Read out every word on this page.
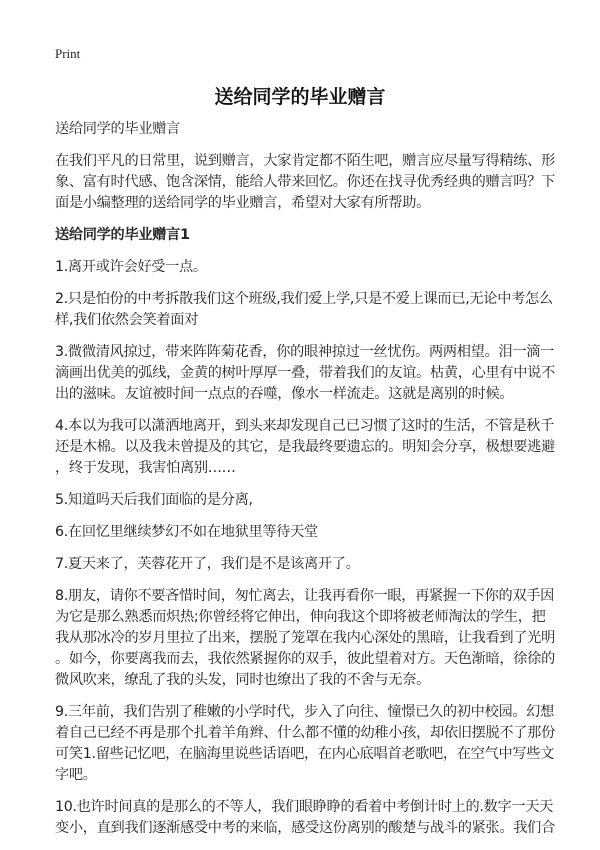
Print
送给同学的毕业赠言
送给同学的毕业赠言
在我们平凡的日常里，说到赠言，大家肯定都不陌生吧，赠言应尽量写得精练、形
象、富有时代感、饱含深情，能给人带来回忆。你还在找寻优秀经典的赠言吗？下
面是小编整理的送给同学的毕业赠言，希望对大家有所帮助。
送给同学的毕业赠言1
1.离开或许会好受一点。
2.只是怕份的中考拆散我们这个班级,我们爱上学,只是不爱上课而已,无论中考怎么
样,我们依然会笑着面对
3.微微清风掠过，带来阵阵菊花香，你的眼神掠过一丝忧伤。两两相望。泪一滴一
滴画出优美的弧线，金黄的树叶厚厚一叠，带着我们的友谊。枯黄，心里有中说不
出的滋味。友谊被时间一点点的吞噬，像水一样流走。这就是离别的时候。
4.本以为我可以潇洒地离开，到头来却发现自己已习惯了这时的生活，不管是秋千
还是木棉。以及我未曾提及的其它，是我最终要遗忘的。明知会分享，极想要逃避
，终于发现，我害怕离别……
5.知道吗天后我们面临的是分离,
6.在回忆里继续梦幻不如在地狱里等待天堂
7.夏天来了，芙蓉花开了，我们是不是该离开了。
8.朋友，请你不要吝惜时间，匆忙离去，让我再看你一眼，再紧握一下你的双手因
为它是那么熟悉而炽热;你曾经将它伸出，伸向我这个即将被老师淘汰的学生，把
我从那冰冷的岁月里拉了出来，摆脱了笼罩在我内心深处的黑暗，让我看到了光明
。如今，你要离我而去，我依然紧握你的双手，彼此望着对方。天色渐暗，徐徐的
微风吹来，缭乱了我的头发，同时也缭出了我的不舍与无奈。
9.三年前，我们告别了稚嫩的小学时代，步入了向往、憧憬已久的初中校园。幻想
着自己已经不再是那个扎着羊角辫、什么都不懂的幼稚小孩，却依旧摆脱不了那份
可笑1.留些记忆吧，在脑海里说些话语吧，在内心底唱首老歌吧，在空气中写些文
字吧。
10.也许时间真的是那么的不等人，我们眼睁睁的看着中考倒计时上的.数字一天天
变小，直到我们逐渐感受中考的来临，感受这份离别的酸楚与战斗的紧张。我们合
